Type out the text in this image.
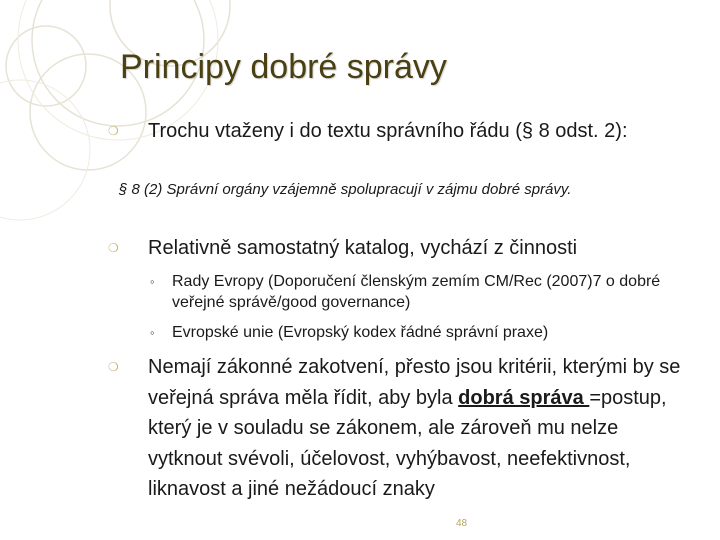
Principy dobré správy

❍ Trochu vtaženy i do textu správního řádu (§ 8 odst. 2):

§ 8 (2) Správní orgány vzájemně spolupracují v zájmu dobré správy.

❍ Relativně samostatný katalog, vychází z činnosti

◦ Rady Evropy (Doporučení členským zemím CM/Rec (2007)7 o dobré veřejné správě/good governance)

◦ Evropské unie (Evropský kodex řádné správní praxe)

❍ Nemají zákonné zakotvení, přesto jsou kritérii, kterými by se veřejná správa měla řídit, aby byla dobrá správa =postup, který je v souladu se zákonem, ale zároveň mu nelze vytknout svévoli, účelovost, vyhýbavost, neefektivnost, liknavost a jiné nežádoucí znaky

48
